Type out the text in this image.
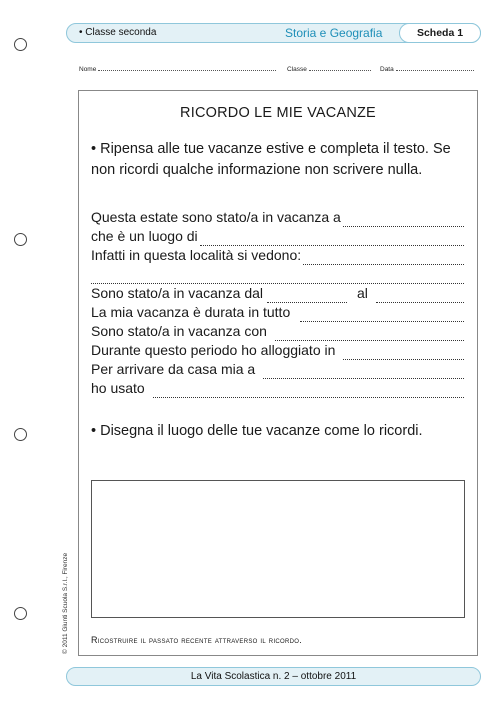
• Classe seconda	Storia e Geografia	Scheda 1
Nome	Classe	Data
RICORDO LE MIE VACANZE
• Ripensa alle tue vacanze estive e completa il testo. Se non ricordi qualche informazione non scrivere nulla.
Questa estate sono stato/a in vacanza a
che è un luogo di
Infatti in questa località si vedono:
Sono stato/a in vacanza dal	al
La mia vacanza è durata in tutto
Sono stato/a in vacanza con
Durante questo periodo ho alloggiato in
Per arrivare da casa mia a
ho usato
• Disegna il luogo delle tue vacanze come lo ricordi.
Ricostruire il passato recente attraverso il ricordo.
© 2011 Giunti Scuola S.r.l., Firenze
La Vita Scolastica n. 2 – ottobre 2011
